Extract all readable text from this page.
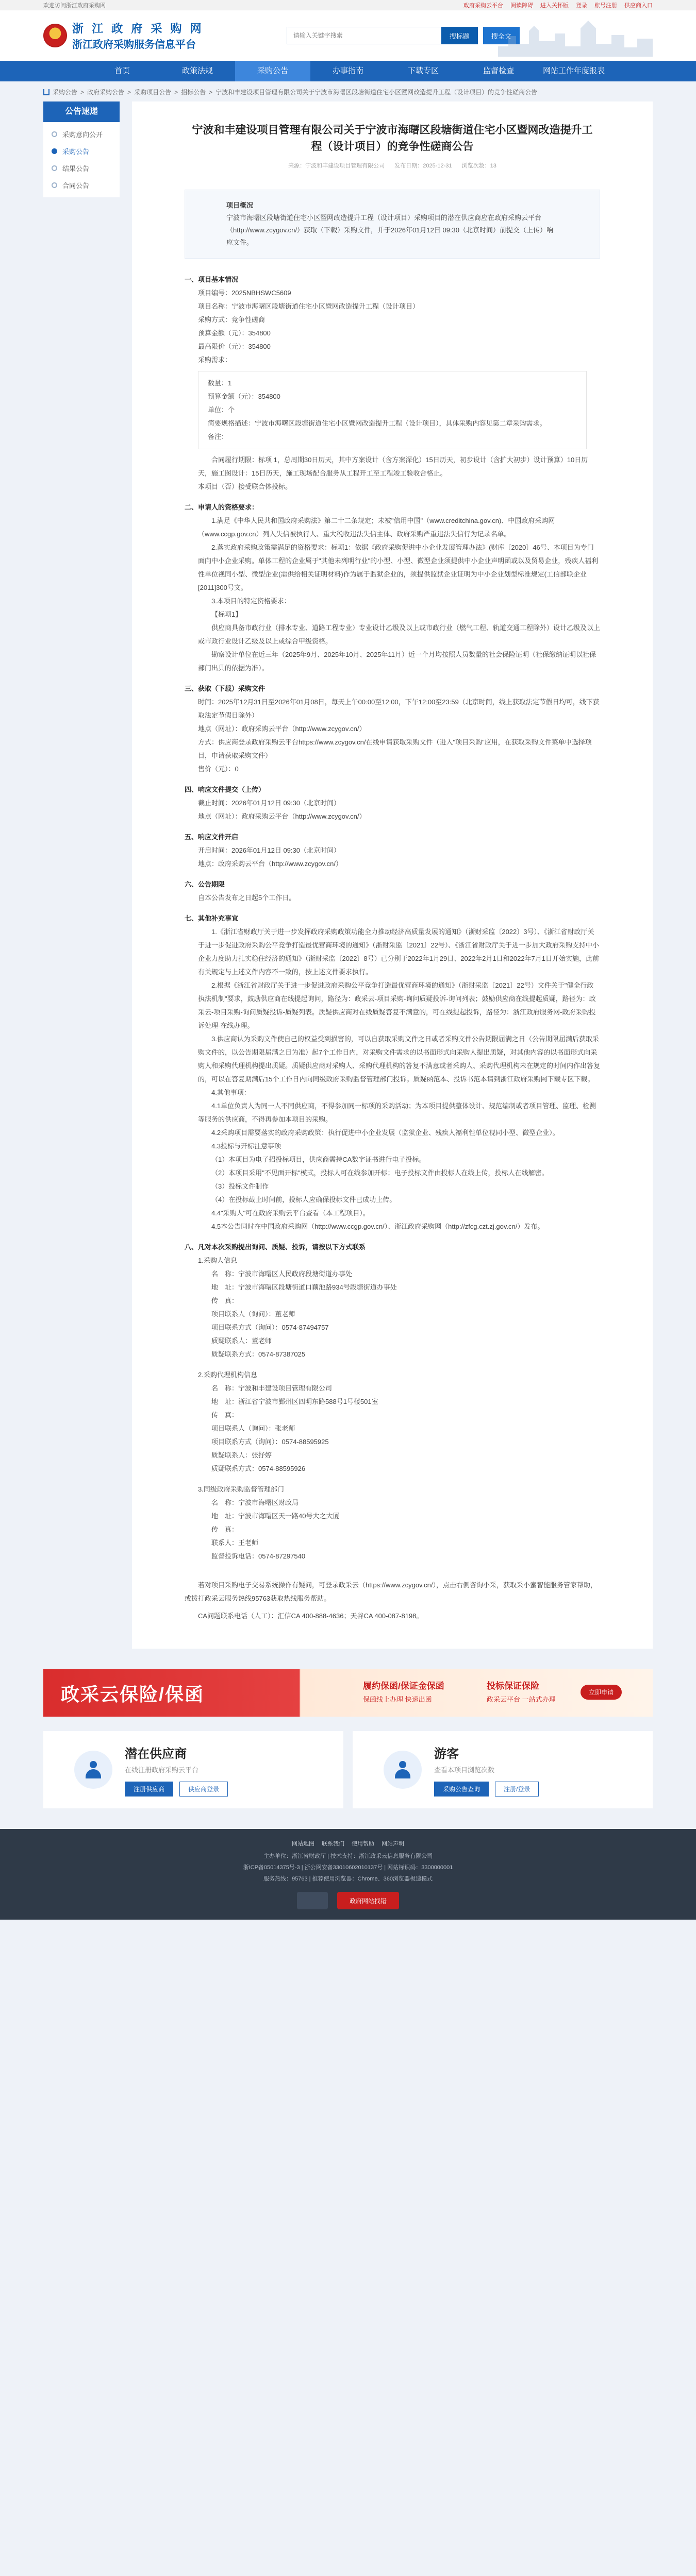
欢迎访问浙江政府采购网	政府采购云平台 阅读障碍 进入关怀版 登录 账号注册 供应商入口
浙 江 政 府 采 购 网
浙江政府采购服务信息平台
请输入关键字搜索
搜标题	搜全文
首页	政策法规	采购公告	办事指南	下载专区	监督检查	网站工作年度报表
采购公告 > 政府采购公告 > 采购项目公告 > 招标公告 > 宁波和丰建设项目管理有限公司关于宁波市海曙区段塘街道住宅小区暨网改造提升工程（设计项目）的竞争性磋商公告
公告速递
采购意向公开
采购公告
结果公告
合同公告
宁波和丰建设项目管理有限公司关于宁波市海曙区段塘街道住宅小区暨网改造提升工程（设计项目）的竞争性磋商公告
来源：宁波和丰建设项目管理有限公司 发布日期：2025-12-31 浏览次数：13
项目概况
宁波市海曙区段塘街道住宅小区暨网改造提升工程（设计项目）采购项目的潜在供应商应在政府采购云平台（http://www.zcygov.cn/）获取（下载）采购文件，并于2026年01月12日 09:30（北京时间）前提交（上传）响应文件。
一、项目基本情况
项目编号：2025NBHSWC5609
项目名称：宁波市海曙区段塘街道住宅小区暨网改造提升工程（设计项目）
采购方式：竞争性磋商
预算金额（元）：354800
最高限价（元）：354800
采购需求：
数量：1
预算金额（元）：354800
单位：个
简要规格描述：宁波市海曙区段塘街道住宅小区暨网改造提升工程（设计项目），具体采购内容见第二章采购需求。
备注：
合同履行期限：标项 1，总周期30日历天，其中方案设计（含方案深化）15日历天，初步设计（含扩大初步）设计预算）10日历天，施工图设计：15日历天，施工现场配合服务从工程开工至工程竣工验收合格止。
本项目（否）接受联合体投标。
二、申请人的资格要求：
1.满足《中华人民共和国政府采购法》第二十二条规定；未被"信用中国"（www.creditchina.gov.cn)、中国政府采购网（www.ccgp.gov.cn）列入失信被执行人、重大税收违法失信主体、政府采购严重违法失信行为记录名单。
2.落实政府采购政策需满足的资格要求：标项1：依据《政府采购促进中小企业发展管理办法》(财库〔2020〕46号、本项目为专门面向中小企业采购。单体工程的企业属于"其他未列明行业"的小型、小型、微型企业须提供中小企业声明函或以及贸易企业，残疾人福利性单位视同小型、微型企业(需供给相关证明材料)作为属于监狱企业的，须提供监狱企业证明为中小企业划型标准规定(工信部联企业[2011]300号文。
3.本项目的特定资格要求：
【标项1】
供应商具备市政行业（排水专业、道路工程专业）专业设计乙级及以上或市政行业（燃气工程、轨道交通工程除外）设计乙级及以上或市政行业设计乙级及以上或综合甲级资格。
勘察设计单位在近三年（2025年9月、2025年10月、2025年11月）近一个月均按照人员数量的社会保险证明（社保缴纳证明以社保部门出具的依据为准）。
三、获取（下载）采购文件
时间：2025年12月31日至2026年01月08日，每天上午00:00至12:00，下午12:00至23:59（北京时间，线上获取法定节假日均可，线下获取法定节假日除外）
地点（网址）：政府采购云平台（http://www.zcygov.cn/）
方式：供应商登录政府采购云平台https://www.zcygov.cn/在线申请获取采购文件（进入"项目采购"应用，在获取采购文件菜单中选择项目，申请获取采购文件）
售价（元）：0
四、响应文件提交（上传）
截止时间：2026年01月12日 09:30（北京时间）
地点（网址）：政府采购云平台（http://www.zcygov.cn/）
五、响应文件开启
开启时间：2026年01月12日 09:30（北京时间）
地点：政府采购云平台（http://www.zcygov.cn/）
六、公告期限
自本公告发布之日起5个工作日。
七、其他补充事宜
1.《浙江省财政厅关于进一步发挥政府采购政策功能全力推动经济高质量发展的通知》（浙财采监〔2022〕3号）、《浙江省财政厅关于进一步促进政府采购公平竞争打造最优营商环境的通知》（浙财采监〔2021〕22号）、《浙江省财政厅关于进一步加大政府采购支持中小企业力度助力扎实稳住经济的通知》（浙财采监〔2022〕8号）已分别于2022年1月29日、2022年2月1日和2022年7月1日开始实施，此前有关规定与上述文件内容不一致的，按上述文件要求执行。
2.根据《浙江省财政厅关于进一步促进政府采购公平竞争打造最优营商环境的通知》（浙财采监〔2021〕22号）文件关于"健全行政执法机制"要求，鼓励供应商在线提起询问，路径为：政采云-项目采购-询问质疑投诉-询问列表；鼓励供应商在线提起质疑，路径为：政采云-项目采购-询问质疑投诉-质疑列表。质疑供应商对在线质疑答复不满意的，可在线提起投诉，路径为：浙江政府服务网-政府采购投诉处理-在线办理。
3.供应商认为采购文件使自己的权益受到损害的，可以自获取采购文件之日或者采购文件公告期限届满之日（公告期限届满后获取采购文件的，以公告期限届满之日为准）起7个工作日内，对采购文件需求的以书面形式向采购人提出质疑，对其他内容的以书面形式向采购人和采购代理机构提出质疑。质疑供应商对采购人、采购代理机构的答复不满意或者采购人、采购代理机构未在规定的时间内作出答复的，可以在答复期满后15个工作日内向同级政府采购监督管理部门投诉。质疑函范本、投诉书范本请到浙江政府采购网下载专区下载。
4.其他事项：
4.1单位负责人为同一人不同供应商，不得参加同一标项的采购活动；为本项目提供整体设计、规范编制或者项目管理、监理、检测等服务的供应商，不得再参加本项目的采购。
4.2采购项目需要落实的政府采购政策：执行促进中小企业发展（监狱企业、残疾人福利性单位视同小型、微型企业）。
4.3投标与开标注意事项
（1）本项目为电子招投标项目，供应商需持CA数字证书进行电子投标。
（2）本项目采用"不见面开标"模式，投标人可在线参加开标；电子投标文件由投标人在线上传，投标人在线解密。
（3）投标文件制作
（4）在投标截止时间前，投标人应确保投标文件已成功上传。
4.4"采购人"可在政府采购云平台查看（本工程项目）。
4.5本公告同时在中国政府采购网（http://www.ccgp.gov.cn/）、浙江政府采购网（http://zfcg.czt.zj.gov.cn/）发布。
八、凡对本次采购提出询问、质疑、投诉，请按以下方式联系
1.采购人信息
名　称：宁波市海曙区人民政府段塘街道办事处
地　址：宁波市海曙区段塘街道口藕池路934号段塘街道办事处
传　真：
项目联系人（询问）：董老师
项目联系方式（询问）：0574-87494757
质疑联系人：董老师
质疑联系方式：0574-87387025
2.采购代理机构信息
名　称：宁波和丰建设项目管理有限公司
地　址：浙江省宁波市鄞州区四明东路588号1号楼501室
传　真：
项目联系人（询问）：张老师
项目联系方式（询问）：0574-88595925
质疑联系人：张抒婷
质疑联系方式：0574-88595926
3.同级政府采购监督管理部门
名　称：宁波市海曙区财政局
地　址：宁波市海曙区天一路40号大之大厦
传　真：
联系人：王老师
监督投诉电话：0574-87297540
若对项目采购电子交易系统操作有疑问，可登录政采云（https://www.zcygov.cn/），点击右侧咨询小采，获取采小蜜智能服务管家帮助，或拨打政采云服务热线95763获取热线服务帮助。
CA问题联系电话（人工）：汇信CA 400-888-4636；天谷CA 400-087-8198。
政采云保险/保函	履约保函/保证金保函
保函线上办理 快速出函
投标保证保险
政采云平台 一站式办理
立即申请
潜在供应商
在线注册政府采购云平台
注册供应商	供应商登录
游客
查看本项目浏览次数
采购公告查询	注册/登录
网站地图 联系我们 使用帮助 网站声明
主办单位：浙江省财政厅 | 技术支持：浙江政采云信息服务有限公司
浙ICP备05014375号-3 | 浙公网安备33010602010137号 | 网站标识码：3300000001
服务热线：95763 | 推荐使用浏览器：Chrome、360浏览器极速模式
政府网站找错
